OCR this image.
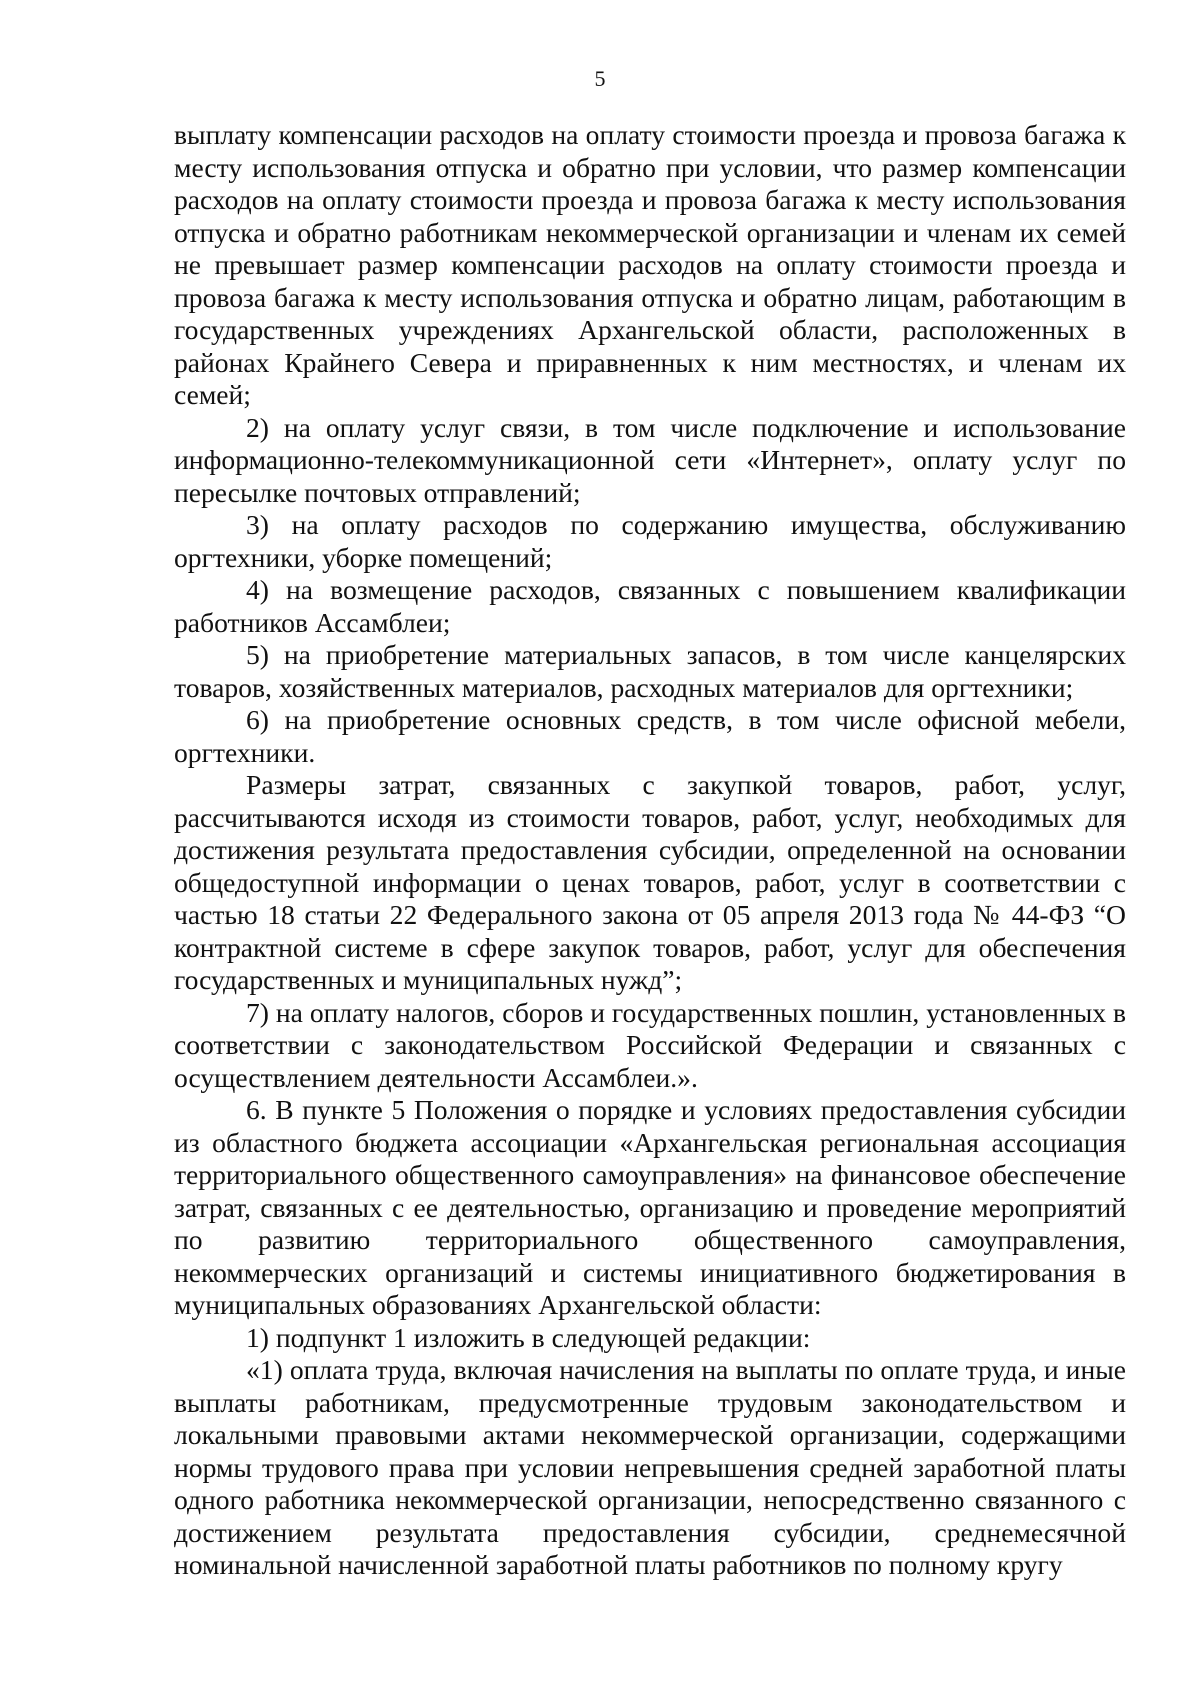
5

выплату компенсации расходов на оплату стоимости проезда и провоза багажа к месту использования отпуска и обратно при условии, что размер компенсации расходов на оплату стоимости проезда и провоза багажа к месту использования отпуска и обратно работникам некоммерческой организации и членам их семей не превышает размер компенсации расходов на оплату стоимости проезда и провоза багажа к месту использования отпуска и обратно лицам, работающим в государственных учреждениях Архангельской области, расположенных в районах Крайнего Севера и приравненных к ним местностях, и членам их семей;

2) на оплату услуг связи, в том числе подключение и использование информационно-телекоммуникационной сети «Интернет», оплату услуг по пересылке почтовых отправлений;

3) на оплату расходов по содержанию имущества, обслуживанию оргтехники, уборке помещений;

4) на возмещение расходов, связанных с повышением квалификации работников Ассамблеи;

5) на приобретение материальных запасов, в том числе канцелярских товаров, хозяйственных материалов, расходных материалов для оргтехники;

6) на приобретение основных средств, в том числе офисной мебели, оргтехники.

Размеры затрат, связанных с закупкой товаров, работ, услуг, рассчитываются исходя из стоимости товаров, работ, услуг, необходимых для достижения результата предоставления субсидии, определенной на основании общедоступной информации о ценах товаров, работ, услуг в соответствии с частью 18 статьи 22 Федерального закона от 05 апреля 2013 года № 44-ФЗ “О контрактной системе в сфере закупок товаров, работ, услуг для обеспечения государственных и муниципальных нужд”;

7) на оплату налогов, сборов и государственных пошлин, установленных в соответствии с законодательством Российской Федерации и связанных с осуществлением деятельности Ассамблеи.».

6. В пункте 5 Положения о порядке и условиях предоставления субсидии из областного бюджета ассоциации «Архангельская региональная ассоциация территориального общественного самоуправления» на финансовое обеспечение затрат, связанных с ее деятельностью, организацию и проведение мероприятий по развитию территориального общественного самоуправления, некоммерческих организаций и системы инициативного бюджетирования в муниципальных образованиях Архангельской области:

1) подпункт 1 изложить в следующей редакции:

«1) оплата труда, включая начисления на выплаты по оплате труда, и иные выплаты работникам, предусмотренные трудовым законодательством и локальными правовыми актами некоммерческой организации, содержащими нормы трудового права при условии непревышения средней заработной платы одного работника некоммерческой организации, непосредственно связанного с достижением результата предоставления субсидии, среднемесячной номинальной начисленной заработной платы работников по полному кругу
